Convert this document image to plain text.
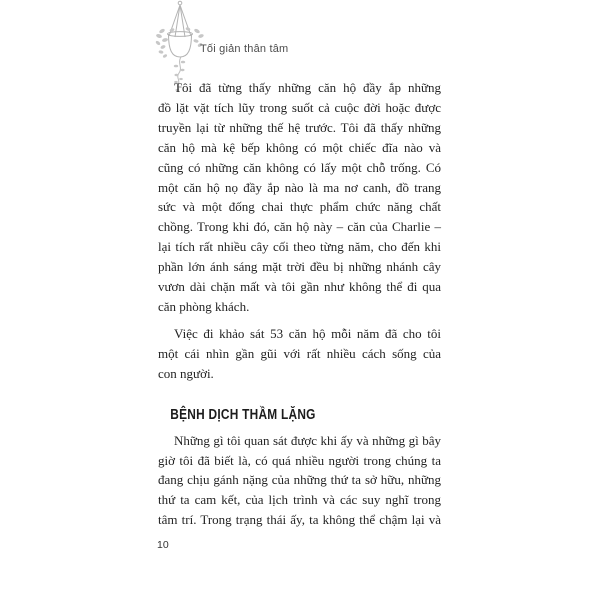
Tối giản thân tâm
Tôi đã từng thấy những căn hộ đầy ắp những
đồ lặt vặt tích lũy trong suốt cả cuộc đời hoặc được
truyền lại từ những thế hệ trước. Tôi đã thấy những
căn hộ mà kệ bếp không có một chiếc đĩa nào và
cũng có những căn không có lấy một chỗ trống. Có
một căn hộ nọ đầy ắp nào là ma nơ canh, đồ trang
sức và một đống chai thực phẩm chức năng chất
chồng. Trong khi đó, căn hộ này – căn của Charlie –
lại tích rất nhiều cây cối theo từng năm, cho đến khi
phần lớn ánh sáng mặt trời đều bị những nhánh cây
vươn dài chặn mất và tôi gần như không thể đi qua
căn phòng khách.
Việc đi khảo sát 53 căn hộ mỗi năm đã cho tôi
một cái nhìn gần gũi với rất nhiều cách sống của
con người.
BỆNH DỊCH THẦM LẶNG
Những gì tôi quan sát được khi ấy và những gì bây
giờ tôi đã biết là, có quá nhiều người trong chúng ta
đang chịu gánh nặng của những thứ ta sở hữu, những
thứ ta cam kết, của lịch trình và các suy nghĩ trong
tâm trí. Trong trạng thái ấy, ta không thể chậm lại và
10
